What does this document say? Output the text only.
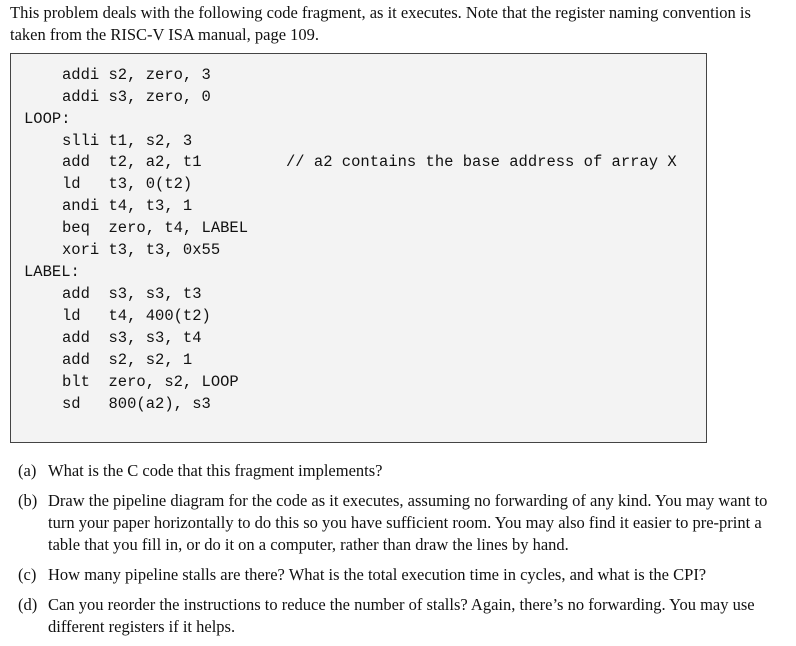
This problem deals with the following code fragment, as it executes. Note that the register naming convention is taken from the RISC-V ISA manual, page 109.

addi s2, zero, 3
addi s3, zero, 0
LOOP:
slli t1, s2, 3
add  t2, a2, t1
ld   t3, 0(t2)
andi t4, t3, 1
beq  zero, t4, LABEL
xori t3, t3, 0x55
LABEL:
add  s3, s3, t3
ld   t4, 400(t2)
add  s3, s3, t4
add  s2, s2, 1
blt  zero, s2, LOOP
sd   800(a2), s3
// a2 contains the base address of array X
(a) What is the C code that this fragment implements?
(b) Draw the pipeline diagram for the code as it executes, assuming no forwarding of any kind. You may want to turn your paper horizontally to do this so you have sufficient room. You may also find it easier to pre-print a table that you fill in, or do it on a computer, rather than draw the lines by hand.
(c) How many pipeline stalls are there? What is the total execution time in cycles, and what is the CPI?
(d) Can you reorder the instructions to reduce the number of stalls? Again, there’s no forwarding. You may use different registers if it helps.
